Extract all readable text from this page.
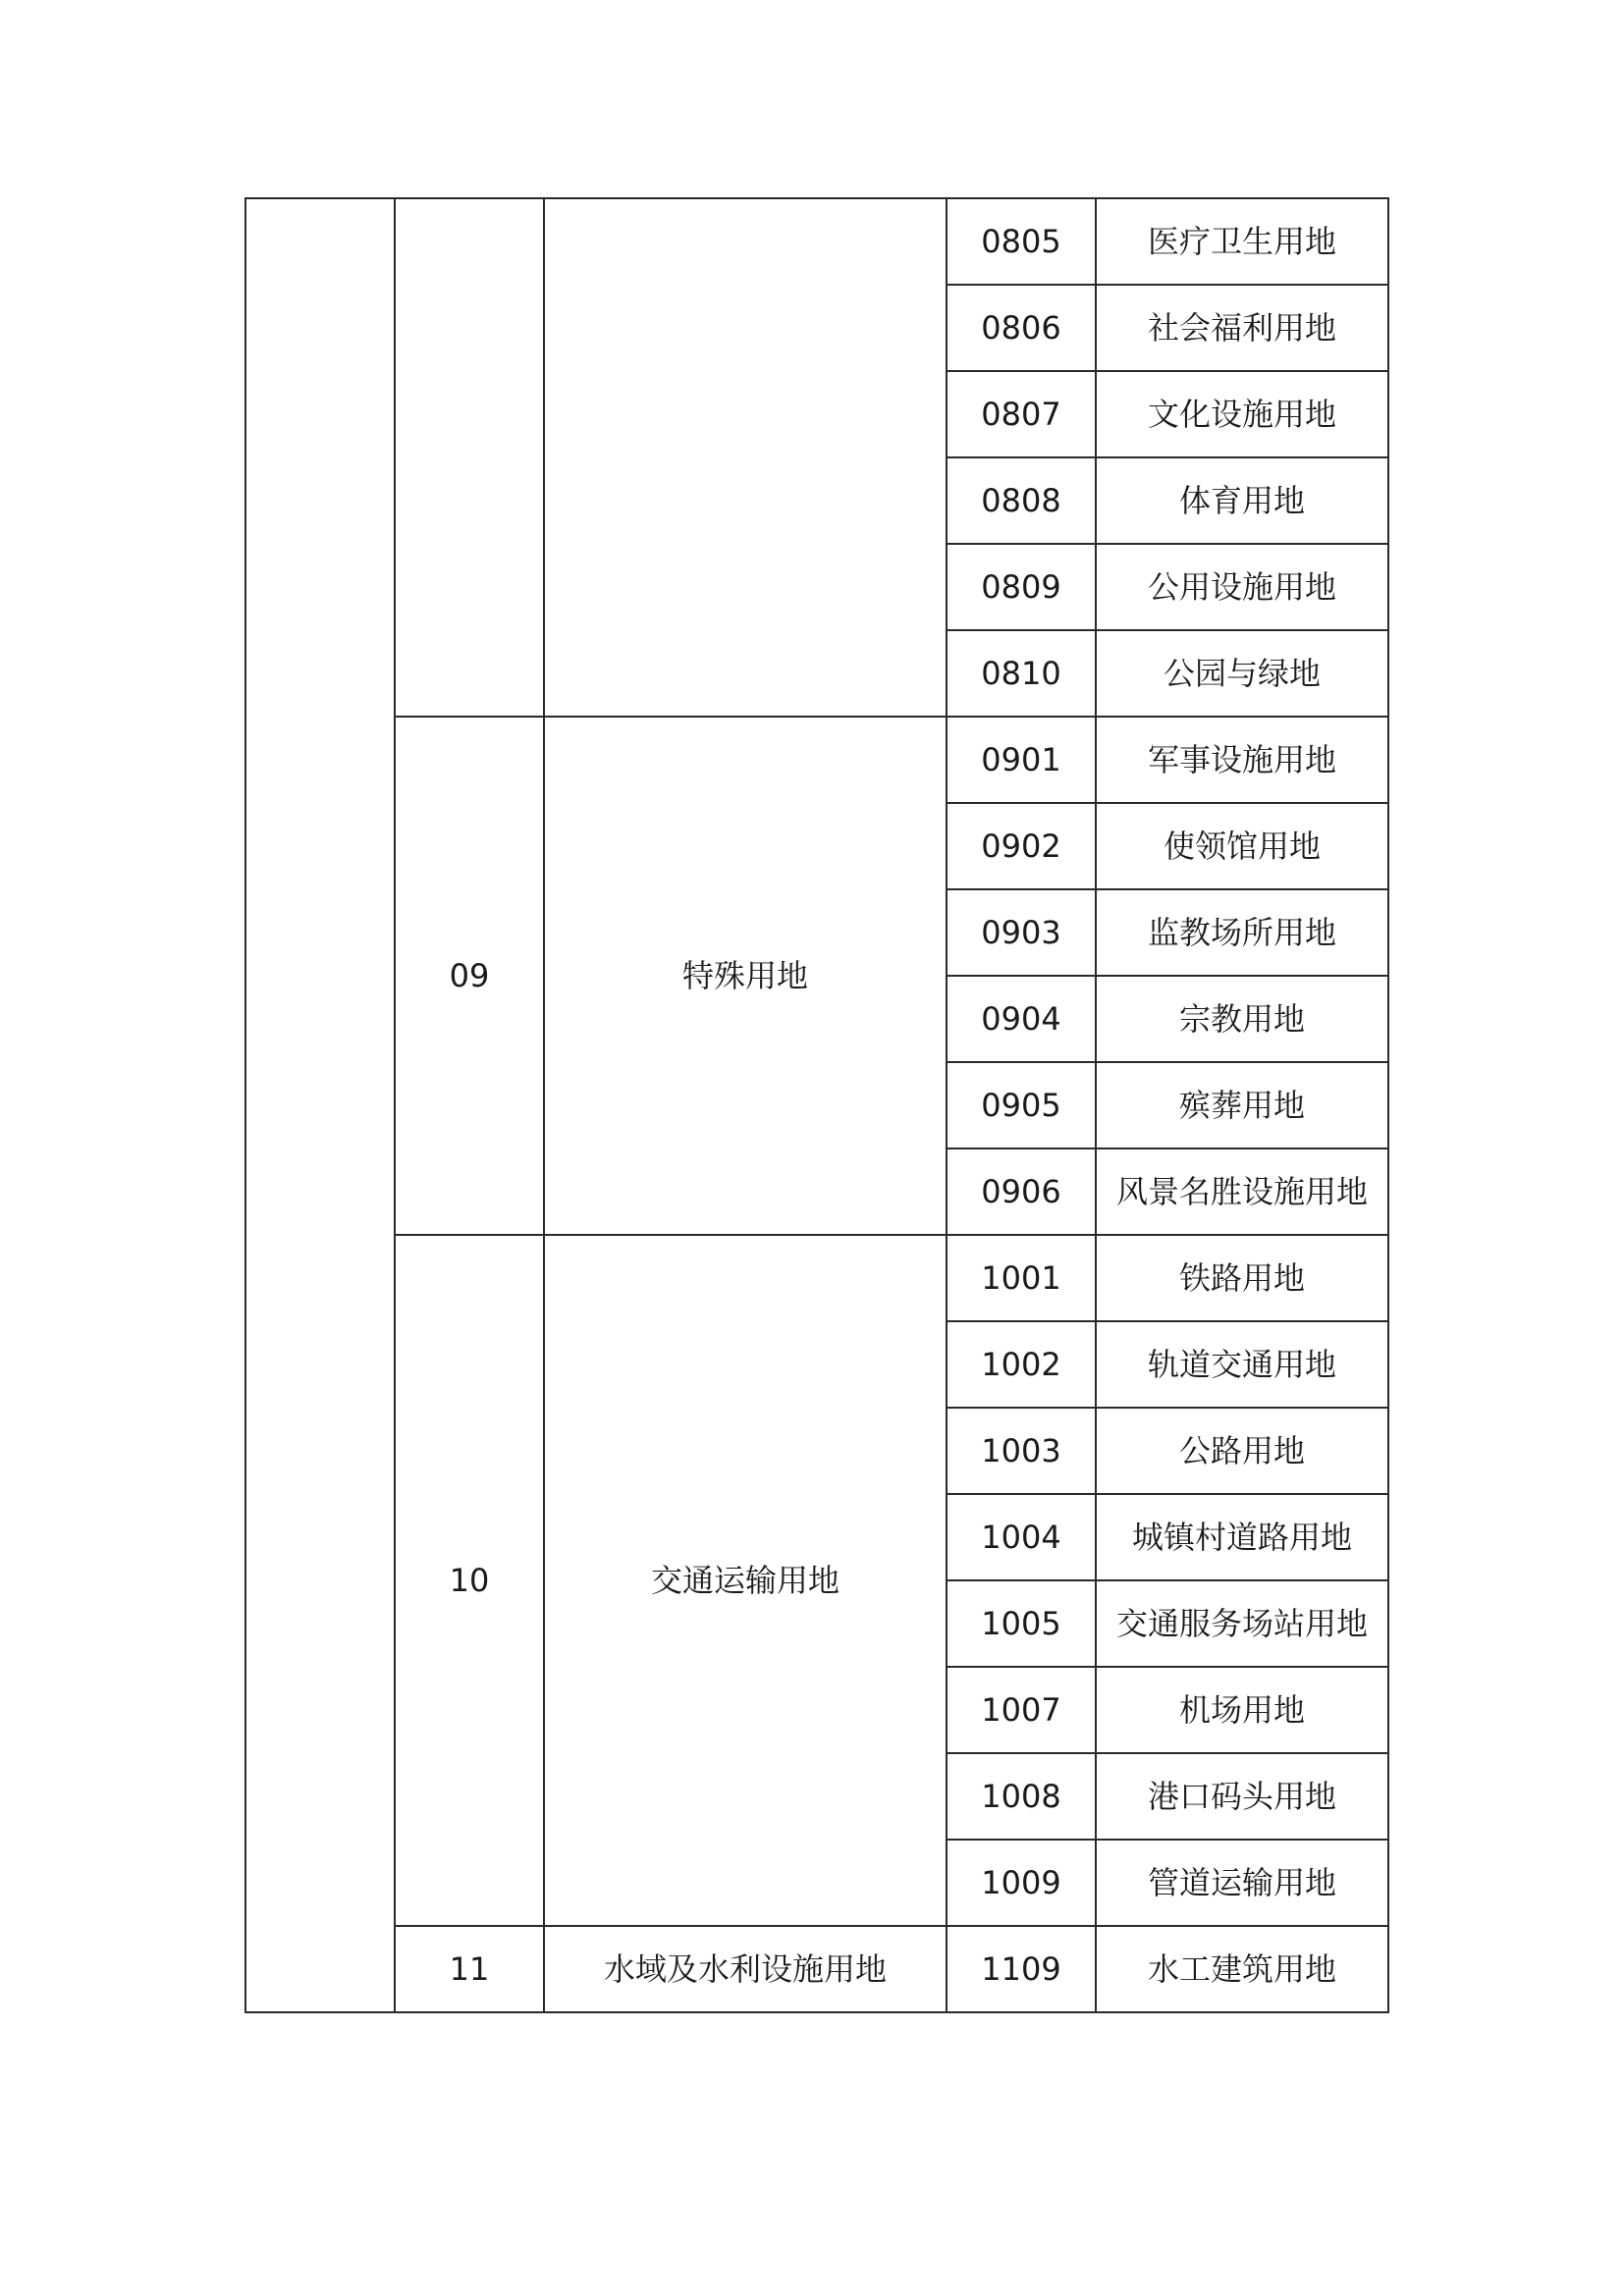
			0805	医疗卫生用地
			0806	社会福利用地
			0807	文化设施用地
			0808	体育用地
			0809	公用设施用地
			0810	公园与绿地
	09	特殊用地	0901	军事设施用地
			0902	使领馆用地
			0903	监教场所用地
			0904	宗教用地
			0905	殡葬用地
			0906	风景名胜设施用地
	10	交通运输用地	1001	铁路用地
			1002	轨道交通用地
			1003	公路用地
			1004	城镇村道路用地
			1005	交通服务场站用地
			1007	机场用地
			1008	港口码头用地
			1009	管道运输用地
	11	水域及水利设施用地	1109	水工建筑用地
